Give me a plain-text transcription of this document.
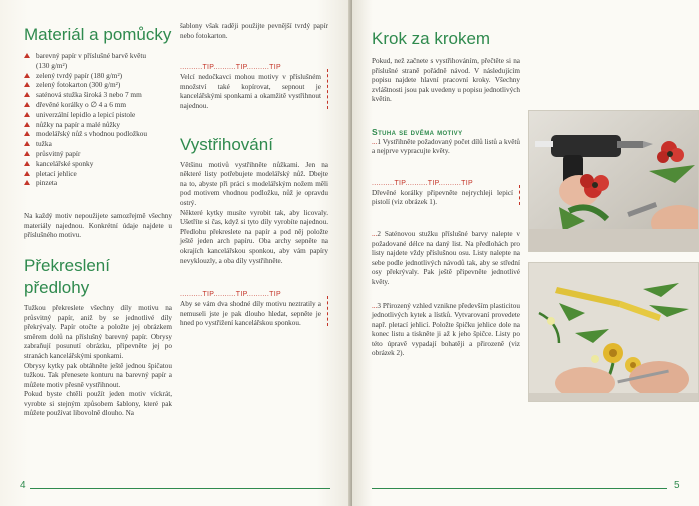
Materiál a pomůcky
barevný papír v příslušné barvě květu
(130 g/m²)
zelený tvrdý papír (180 g/m²)
zelený fotokarton (300 g/m²)
saténová stužka široká 3 nebo 7 mm
dřevěné korálky o ∅ 4 a 6 mm
univerzální lepidlo a lepicí pistole
nůžky na papír a malé nůžky
modelářský nůž s vhodnou podložkou
tužka
průsvitný papír
kancelářské sponky
pletací jehlice
pinzeta

Na každý motiv nepoužijete samozřejmě všechny materiály najednou. Konkrétní údaje najdete u příslušného motivu.

Překreslení
předlohy

Tužkou překreslete všechny díly motivu na průsvitný papír, aniž by se jednotlivé díly překrývaly. Papír otočte a položte jej obrázkem směrem dolů na příslušný barevný papír. Obrysy zabraňují posunutí obrázku, připevněte jej po stranách kancelářskými sponkami.

Obrysy kytky pak obtáhněte ještě jednou špičatou tužkou. Tak přenesete konturu na barevný papír a můžete motiv přesně vystřihnout.

Pokud byste chtěli použít jeden motiv víckrát, vyrobte si stejným způsobem šablony, které pak můžete používat libovolně dlouho. Na

šablony však raději použijte pevnější tvrdý papír nebo fotokarton.

..........TIP..........TIP..........TIP

Velcí nedočkavci mohou motivy v příslušném množství také kopírovat, sepnout je kancelářskými sponkami a okamžitě vystřihnout najednou.

Vystřihování

Většinu motivů vystřihněte nůžkami. Jen na některé listy potřebujete modelářský nůž. Dbejte na to, abyste při práci s modelářským nožem měli pod motivem vhodnou podložku, nůž je opravdu ostrý.

Některé kytky musíte vyrobit tak, aby licovaly. Ušetříte si čas, když si tyto díly vyrobíte najednou. Předlohu překreslete na papír a pod něj položte ještě jeden arch papíru. Oba archy sepněte na okrajích kancelářskou sponkou, aby vám papíry nevyklouzly, a oba díly vystřihněte.

..........TIP..........TIP..........TIP

Aby se vám dva shodné díly motivu neztratily a nemuseli jste je pak dlouho hledat, sepněte je hned po vystřižení kancelářskou sponkou.

4
Krok za krokem

Pokud, než začnete s vystřihováním, přečtěte si na příslušné straně pořádně návod. V následujícím popisu najdete hlavní pracovní kroky. Všechny zvláštnosti jsou pak uvedeny u popisu jednotlivých květin.

Stuha se dvěma motivy

...1 Vystřihněte požadovaný počet dílů listů a květů a nejprve vypracujte květy.

..........TIP..........TIP..........TIP

Dřevěné korálky připevněte nejrychleji lepicí pistolí (viz obrázek 1).

...2 Saténovou stužku příslušné barvy nalepte v požadované délce na daný list. Na předlohách pro listy najdete vždy příslušnou osu. Listy nalepte na sebe podle jednotlivých návodů tak, aby se střední osy překrývaly. Pak ještě připevněte jednotlivé květy.

...3 Přirozený vzhled vznikne především plasticitou jednotlivých kytek a lístků. Vytvarovaní provedete např. pletací jehlicí. Položte špičku jehlice dole na konec listu a tiskněte ji až k jeho špičce. Listy po této úpravě vypadají bohatěji a přirozeně (viz obrázek 2).

5
